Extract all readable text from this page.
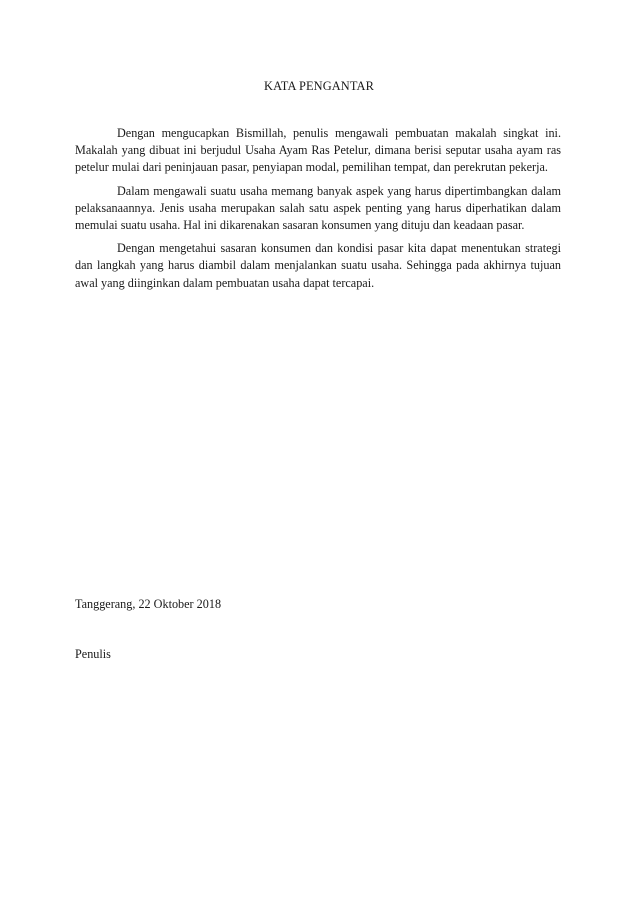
KATA PENGANTAR

Dengan mengucapkan Bismillah, penulis mengawali pembuatan makalah singkat ini. Makalah yang dibuat ini berjudul Usaha Ayam Ras Petelur, dimana berisi seputar usaha ayam ras petelur mulai dari peninjauan pasar, penyiapan modal, pemilihan tempat, dan perekrutan pekerja.

Dalam mengawali suatu usaha memang banyak aspek yang harus dipertimbangkan dalam pelaksanaannya. Jenis usaha merupakan salah satu aspek penting yang harus diperhatikan dalam memulai suatu usaha. Hal ini dikarenakan sasaran konsumen yang dituju dan keadaan pasar.

Dengan mengetahui sasaran konsumen dan kondisi pasar kita dapat menentukan strategi dan langkah yang harus diambil dalam menjalankan suatu usaha. Sehingga pada akhirnya tujuan awal yang diinginkan dalam pembuatan usaha dapat tercapai.

Tanggerang, 22 Oktober 2018
Penulis
